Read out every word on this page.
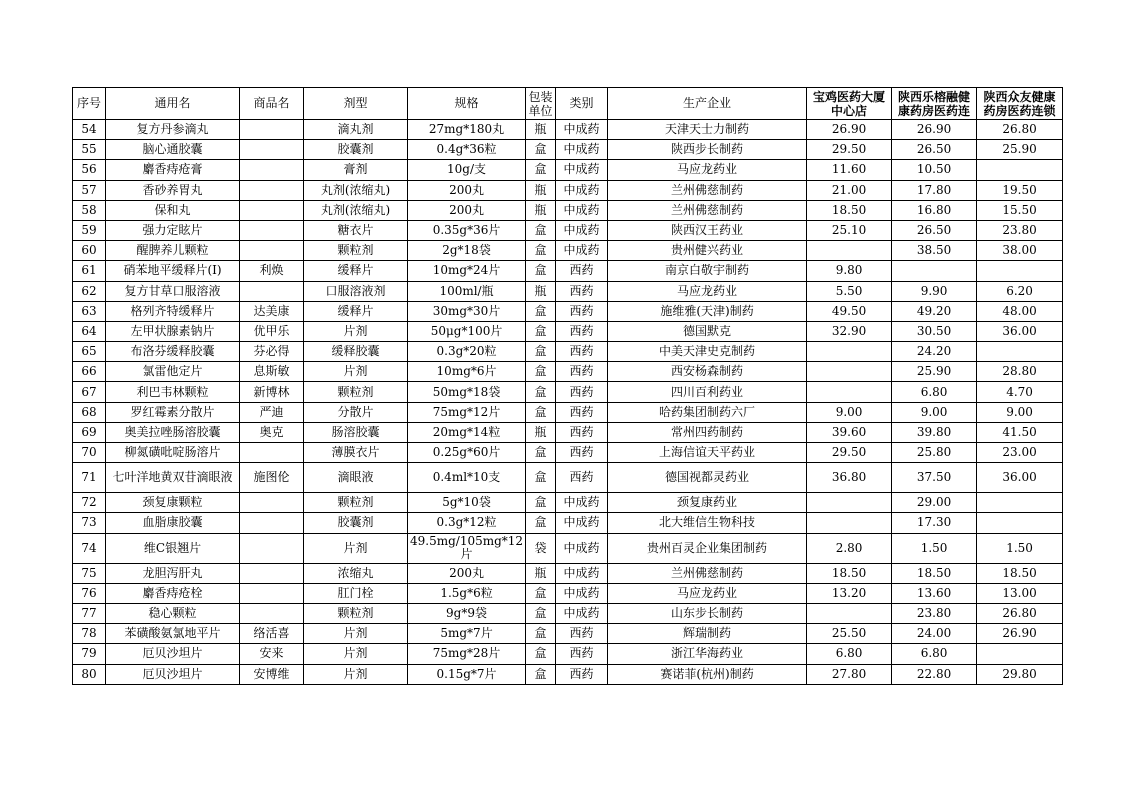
序号	通用名	商品名	剂型	规格	包装单位	类别	生产企业	宝鸡医药大厦中心店	陕西乐榕融健康药房医药连	陕西众友健康药房医药连锁
54	复方丹参滴丸		滴丸剂	27mg*180丸	瓶	中成药	天津天士力制药	26.90	26.90	26.80
55	脑心通胶囊		胶囊剂	0.4g*36粒	盒	中成药	陕西步长制药	29.50	26.50	25.90
56	麝香痔疮膏		膏剂	10g/支	盒	中成药	马应龙药业	11.60	10.50	
57	香砂养胃丸		丸剂(浓缩丸)	200丸	瓶	中成药	兰州佛慈制药	21.00	17.80	19.50
58	保和丸		丸剂(浓缩丸)	200丸	瓶	中成药	兰州佛慈制药	18.50	16.80	15.50
59	强力定眩片		糖衣片	0.35g*36片	盒	中成药	陕西汉王药业	25.10	26.50	23.80
60	醒脾养儿颗粒		颗粒剂	2g*18袋	盒	中成药	贵州健兴药业		38.50	38.00
61	硝苯地平缓释片(Ⅰ)	利焕	缓释片	10mg*24片	盒	西药	南京白敬宇制药	9.80		
62	复方甘草口服溶液		口服溶液剂	100ml/瓶	瓶	西药	马应龙药业	5.50	9.90	6.20
63	格列齐特缓释片	达美康	缓释片	30mg*30片	盒	西药	施维雅(天津)制药	49.50	49.20	48.00
64	左甲状腺素钠片	优甲乐	片剂	50μg*100片	盒	西药	德国默克	32.90	30.50	36.00
65	布洛芬缓释胶囊	芬必得	缓释胶囊	0.3g*20粒	盒	西药	中美天津史克制药		24.20	
66	氯雷他定片	息斯敏	片剂	10mg*6片	盒	西药	西安杨森制药		25.90	28.80
67	利巴韦林颗粒	新博林	颗粒剂	50mg*18袋	盒	西药	四川百利药业		6.80	4.70
68	罗红霉素分散片	严迪	分散片	75mg*12片	盒	西药	哈药集团制药六厂	9.00	9.00	9.00
69	奥美拉唑肠溶胶囊	奥克	肠溶胶囊	20mg*14粒	瓶	西药	常州四药制药	39.60	39.80	41.50
70	柳氮磺吡啶肠溶片		薄膜衣片	0.25g*60片	盒	西药	上海信谊天平药业	29.50	25.80	23.00
71	七叶洋地黄双苷滴眼液	施图伦	滴眼液	0.4ml*10支	盒	西药	德国视都灵药业	36.80	37.50	36.00
72	颈复康颗粒		颗粒剂	5g*10袋	盒	中成药	颈复康药业		29.00	
73	血脂康胶囊		胶囊剂	0.3g*12粒	盒	中成药	北大维信生物科技		17.30	
74	维C银翘片		片剂	49.5mg/105mg*12片	袋	中成药	贵州百灵企业集团制药	2.80	1.50	1.50
75	龙胆泻肝丸		浓缩丸	200丸	瓶	中成药	兰州佛慈制药	18.50	18.50	18.50
76	麝香痔疮栓		肛门栓	1.5g*6粒	盒	中成药	马应龙药业	13.20	13.60	13.00
77	稳心颗粒		颗粒剂	9g*9袋	盒	中成药	山东步长制药		23.80	26.80
78	苯磺酸氨氯地平片	络活喜	片剂	5mg*7片	盒	西药	辉瑞制药	25.50	24.00	26.90
79	厄贝沙坦片	安来	片剂	75mg*28片	盒	西药	浙江华海药业	6.80	6.80	
80	厄贝沙坦片	安博维	片剂	0.15g*7片	盒	西药	赛诺菲(杭州)制药	27.80	22.80	29.80
